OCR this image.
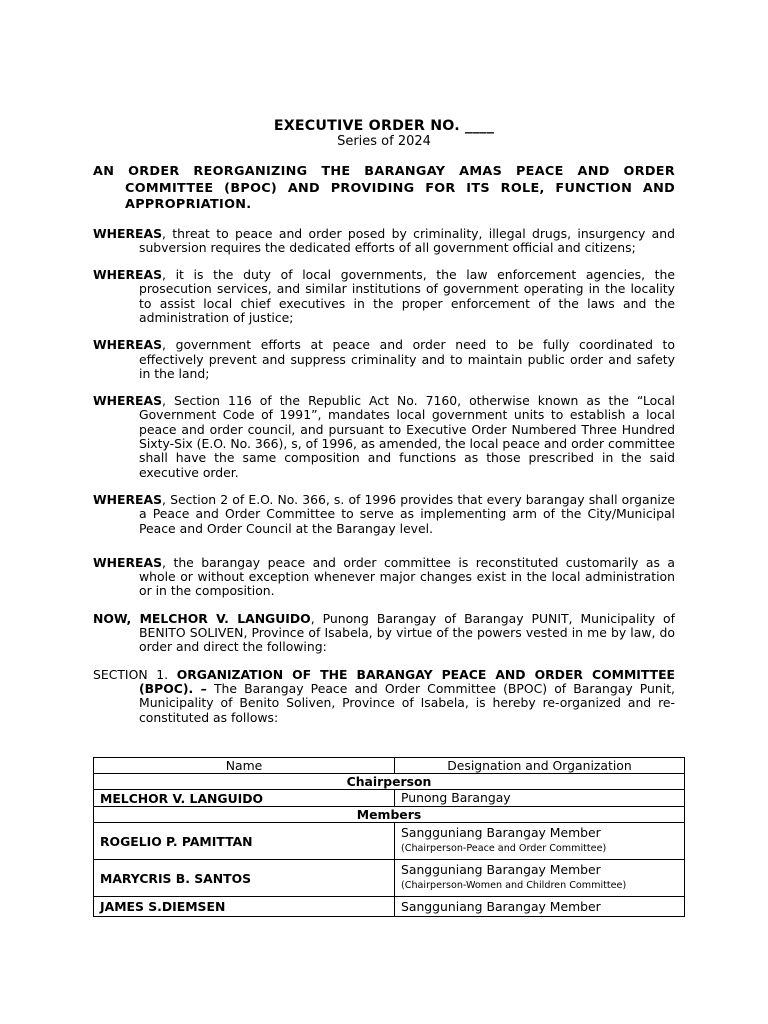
EXECUTIVE ORDER NO. ____
Series of 2024
AN ORDER REORGANIZING THE BARANGAY AMAS PEACE AND ORDER COMMITTEE (BPOC) AND PROVIDING FOR ITS ROLE, FUNCTION AND APPROPRIATION.
WHEREAS, threat to peace and order posed by criminality, illegal drugs, insurgency and subversion requires the dedicated efforts of all government official and citizens;
WHEREAS, it is the duty of local governments, the law enforcement agencies, the prosecution services, and similar institutions of government operating in the locality to assist local chief executives in the proper enforcement of the laws and the administration of justice;
WHEREAS, government efforts at peace and order need to be fully coordinated to effectively prevent and suppress criminality and to maintain public order and safety in the land;
WHEREAS, Section 116 of the Republic Act No. 7160, otherwise known as the “Local Government Code of 1991”, mandates local government units to establish a local peace and order council, and pursuant to Executive Order Numbered Three Hundred Sixty-Six (E.O. No. 366), s, of 1996, as amended, the local peace and order committee shall have the same composition and functions as those prescribed in the said executive order.
WHEREAS, Section 2 of E.O. No. 366, s. of 1996 provides that every barangay shall organize a Peace and Order Committee to serve as implementing arm of the City/Municipal Peace and Order Council at the Barangay level.
WHEREAS, the barangay peace and order committee is reconstituted customarily as a whole or without exception whenever major changes exist in the local administration or in the composition.
NOW, MELCHOR V. LANGUIDO, Punong Barangay of Barangay PUNIT, Municipality of BENITO SOLIVEN, Province of Isabela, by virtue of the powers vested in me by law, do order and direct the following:
SECTION 1. ORGANIZATION OF THE BARANGAY PEACE AND ORDER COMMITTEE (BPOC). – The Barangay Peace and Order Committee (BPOC) of Barangay Punit, Municipality of Benito Soliven, Province of Isabela, is hereby re-organized and re-constituted as follows:
Name	Designation and Organization
Chairperson	
MELCHOR V. LANGUIDO	Punong Barangay
Members	
ROGELIO P. PAMITTAN	Sangguniang Barangay Member
(Chairperson-Peace and Order Committee)

MARYCRIS B. SANTOS	Sangguniang Barangay Member
(Chairperson-Women and Children Committee)

JAMES S.DIEMSEN	Sangguniang Barangay Member
